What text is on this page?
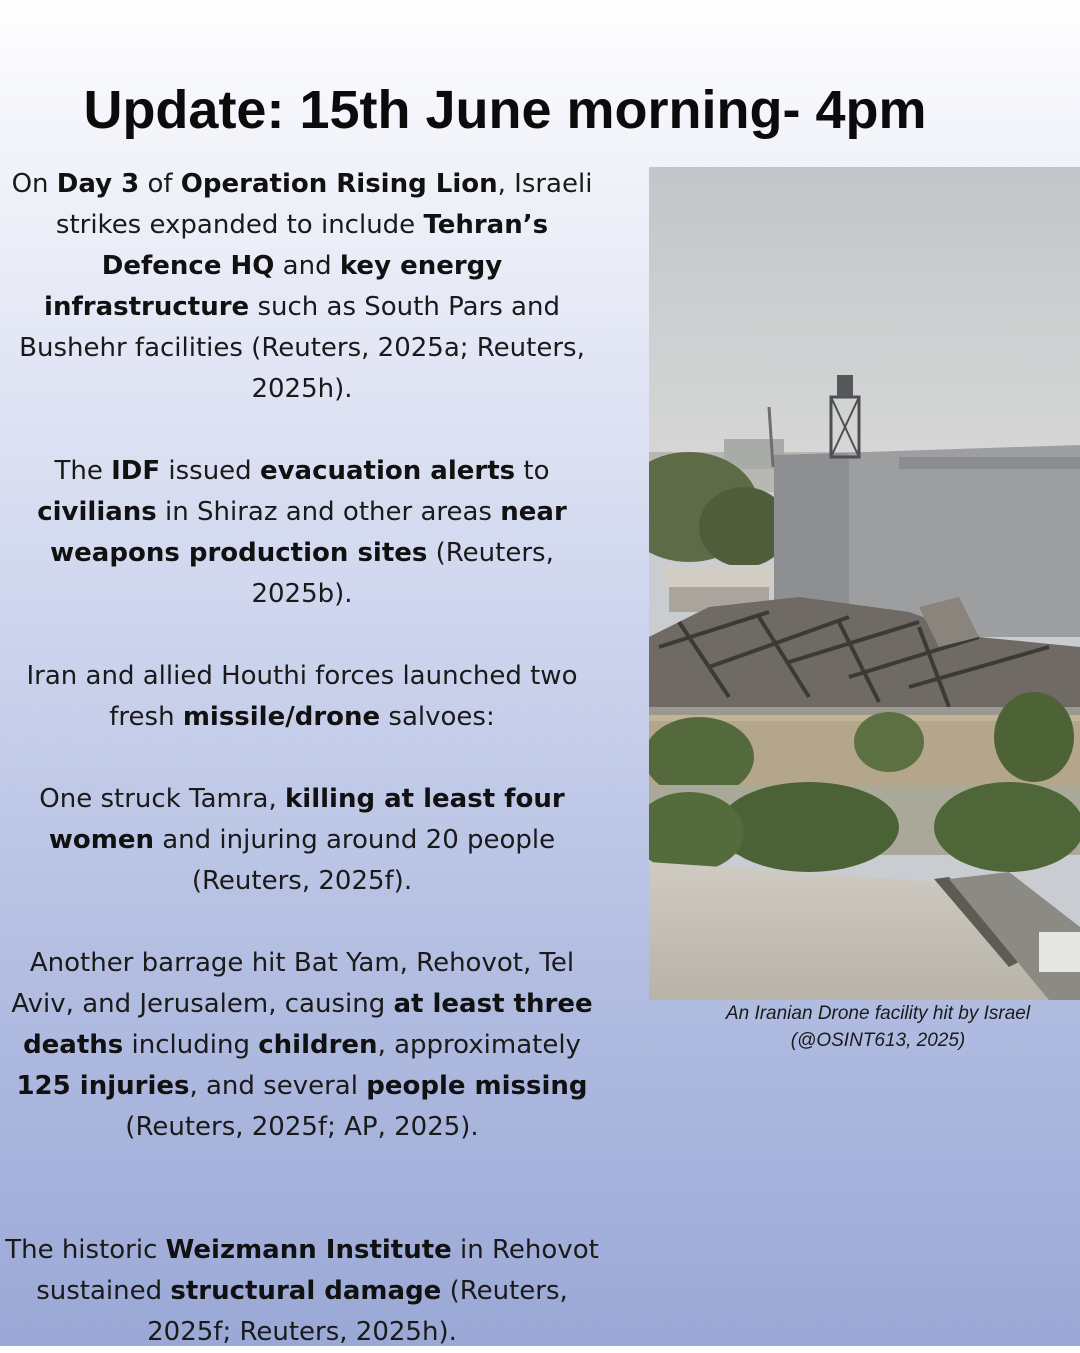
Update: 15th June morning- 4pm

On Day 3 of Operation Rising Lion, Israeli strikes expanded to include Tehran’s Defence HQ and key energy infrastructure such as South Pars and Bushehr facilities (Reuters, 2025a; Reuters, 2025h).

The IDF issued evacuation alerts to civilians in Shiraz and other areas near weapons production sites (Reuters, 2025b).

Iran and allied Houthi forces launched two fresh missile/drone salvoes:

One struck Tamra, killing at least four women and injuring around 20 people (Reuters, 2025f).

Another barrage hit Bat Yam, Rehovot, Tel Aviv, and Jerusalem, causing at least three deaths including children, approximately 125 injuries, and several people missing (Reuters, 2025f; AP, 2025).

The historic Weizmann Institute in Rehovot sustained structural damage (Reuters, 2025f; Reuters, 2025h).

An Iranian Drone facility hit by Israel
(@OSINT613, 2025)
